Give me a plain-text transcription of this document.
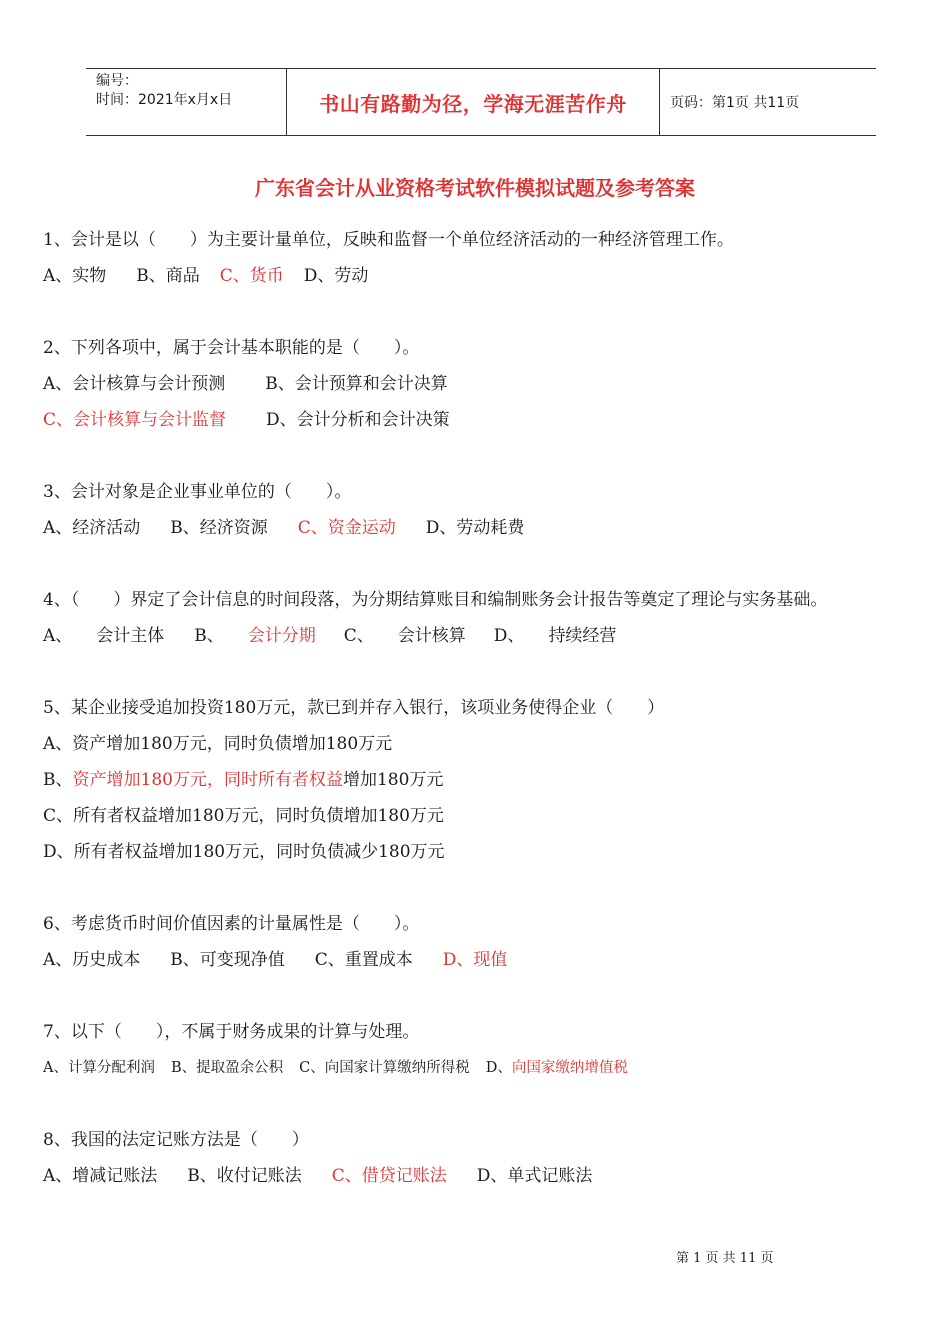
编号：
时间：2021年x月x日	书山有路勤为径，学海无涯苦作舟	页码：第1页 共11页
广东省会计从业资格考试软件模拟试题及参考答案
1、会计是以（　　）为主要计量单位，反映和监督一个单位经济活动的一种经济管理工作。
A、实物 B、商品 C、货币 D、劳动
2、下列各项中，属于会计基本职能的是（　　）。
A、会计核算与会计预测 B、会计预算和会计决算
C、会计核算与会计监督 D、会计分析和会计决策
3、会计对象是企业事业单位的（　　）。
A、经济活动 B、经济资源 C、资金运动 D、劳动耗费
4、（　　）界定了会计信息的时间段落，为分期结算账目和编制账务会计报告等奠定了理论与实务基础。
A、 会计主体 B、 会计分期 C、 会计核算 D、 持续经营
5、某企业接受追加投资180万元，款已到并存入银行，该项业务使得企业（　　）
A、资产增加180万元，同时负债增加180万元
B、资产增加180万元，同时所有者权益增加180万元
C、所有者权益增加180万元，同时负债增加180万元
D、所有者权益增加180万元，同时负债减少180万元
6、考虑货币时间价值因素的计量属性是（　　）。
A、历史成本 B、可变现净值 C、重置成本 D、现值
7、以下（　　），不属于财务成果的计算与处理。
A、计算分配利润 B、提取盈余公积 C、向国家计算缴纳所得税 D、向国家缴纳增值税
8、我国的法定记账方法是（　　）
A、增减记账法 B、收付记账法 C、借贷记账法 D、单式记账法
第 1 页 共 11 页
